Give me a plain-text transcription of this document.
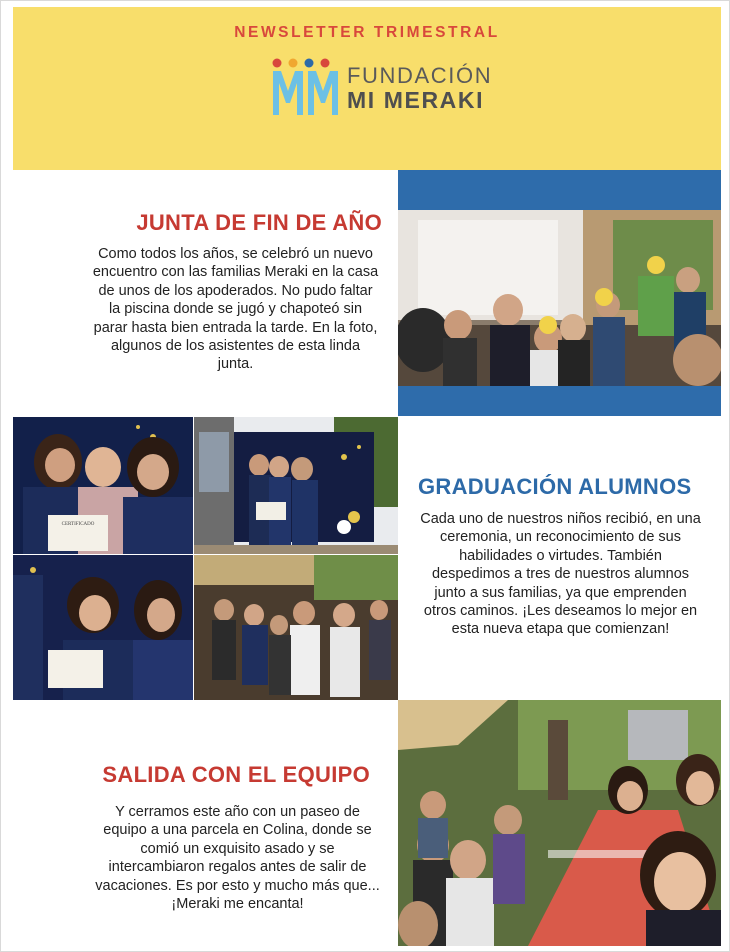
NEWSLETTER TRIMESTRAL
FUNDACIÓN
MI MERAKI
JUNTA DE FIN DE AÑO
Como todos los años, se celebró un nuevo encuentro con las familias Meraki en la casa de unos de los apoderados. No pudo faltar la piscina donde se jugó y chapoteó sin parar hasta bien entrada la tarde. En la foto, algunos de los asistentes de esta linda junta.
CERTIFICADO
GRADUACIÓN ALUMNOS
Cada uno de nuestros niños recibió, en una ceremonia, un reconocimiento de sus habilidades o virtudes. También despedimos a tres de nuestros alumnos junto a sus familias, ya que emprenden otros caminos. ¡Les deseamos lo mejor en esta nueva etapa que comienzan!
SALIDA CON EL EQUIPO
Y cerramos este año con un paseo de equipo a una parcela en Colina, donde se comió un exquisito asado y se intercambiaron regalos antes de salir de vacaciones. Es por esto y mucho más que... ¡Meraki me encanta!
